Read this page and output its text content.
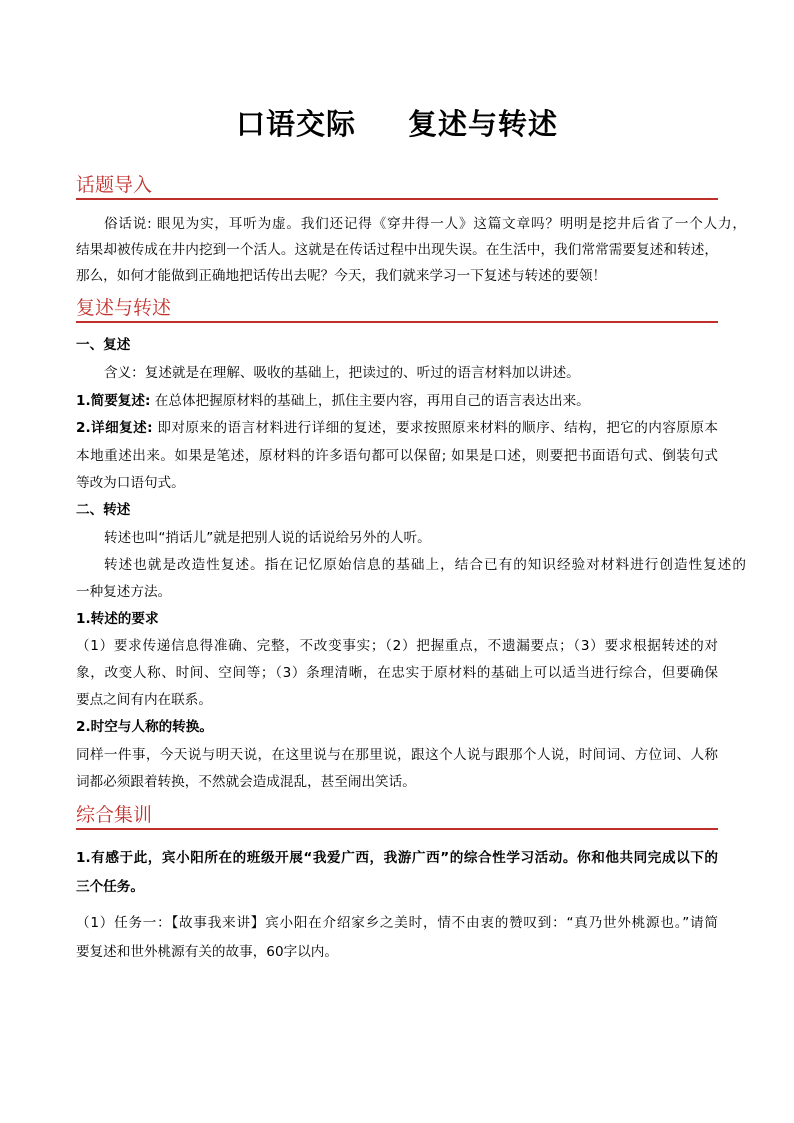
口语交际 复述与转述
话题导入
俗话说: 眼见为实，耳听为虚。我们还记得《穿井得一人》这篇文章吗？明明是挖井后省了一个人力，
结果却被传成在井内挖到一个活人。这就是在传话过程中出现失误。在生活中，我们常常需要复述和转述，
那么，如何才能做到正确地把话传出去呢？今天，我们就来学习一下复述与转述的要领！
复述与转述
一、复述
含义：复述就是在理解、吸收的基础上，把读过的、听过的语言材料加以讲述。
1.简要复述: 在总体把握原材料的基础上，抓住主要内容，再用自己的语言表达出来。
2.详细复述: 即对原来的语言材料进行详细的复述，要求按照原来材料的顺序、结构，把它的内容原原本
本地重述出来。如果是笔述，原材料的许多语句都可以保留; 如果是口述，则要把书面语句式、倒装句式
等改为口语句式。
二、转述
转述也叫“捎话儿”就是把别人说的话说给另外的人听。
转述也就是改造性复述。指在记忆原始信息的基础上，结合已有的知识经验对材料进行创造性复述的
一种复述方法。
1.转述的要求
（1）要求传递信息得准确、完整，不改变事实；（2）把握重点，不遗漏要点；（3）要求根据转述的对
象，改变人称、时间、空间等；（3）条理清晰，在忠实于原材料的基础上可以适当进行综合，但要确保
要点之间有内在联系。
2.时空与人称的转换。
同样一件事，今天说与明天说，在这里说与在那里说，跟这个人说与跟那个人说，时间词、方位词、人称
词都必须跟着转换，不然就会造成混乱，甚至闹出笑话。
综合集训
1.有感于此，宾小阳所在的班级开展“我爱广西，我游广西”的综合性学习活动。你和他共同完成以下的
三个任务。
（1）任务一：【故事我来讲】宾小阳在介绍家乡之美时，情不由衷的赞叹到：“真乃世外桃源也。”请简
要复述和世外桃源有关的故事，60字以内。
